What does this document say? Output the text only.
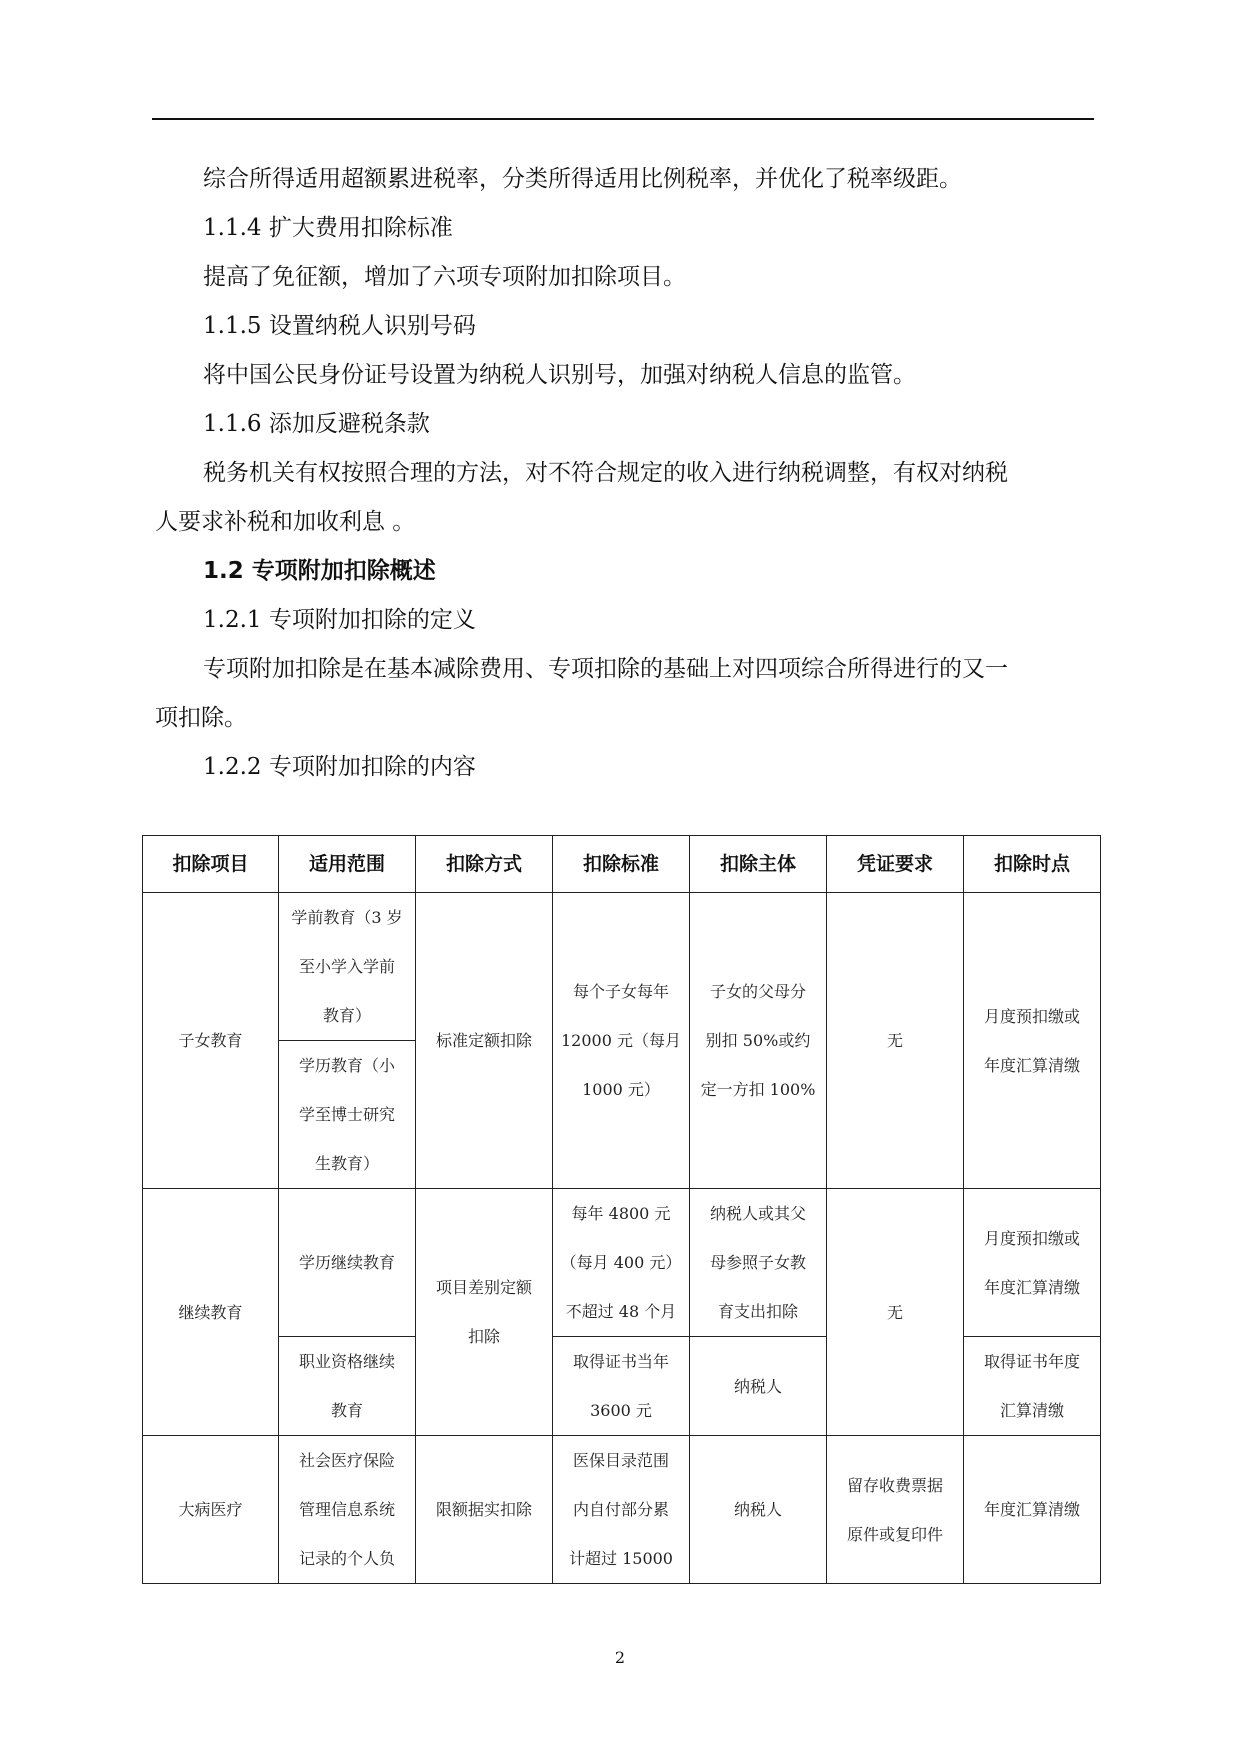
综合所得适用超额累进税率，分类所得适用比例税率，并优化了税率级距。
1.1.4 扩大费用扣除标准
提高了免征额，增加了六项专项附加扣除项目。
1.1.5 设置纳税人识别号码
将中国公民身份证号设置为纳税人识别号，加强对纳税人信息的监管。
1.1.6 添加反避税条款
税务机关有权按照合理的方法，对不符合规定的收入进行纳税调整，有权对纳税
人要求补税和加收利息 。
1.2 专项附加扣除概述
1.2.1 专项附加扣除的定义
专项附加扣除是在基本减除费用、专项扣除的基础上对四项综合所得进行的又一
项扣除。
1.2.2 专项附加扣除的内容
扣除项目	适用范围	扣除方式	扣除标准	扣除主体	凭证要求	扣除时点
子女教育	学前教育（3 岁
至小学入学前
教育）	标准定额扣除	每个子女每年
12000 元（每月
1000 元）	子女的父母分
别扣 50%或约
定一方扣 100%	无	月度预扣缴或
年度汇算清缴
	学历教育（小
学至博士研究
生教育）					
继续教育	学历继续教育	项目差别定额
扣除	每年 4800 元
（每月 400 元）
不超过 48 个月	纳税人或其父
母参照子女教
育支出扣除	无	月度预扣缴或
年度汇算清缴
	职业资格继续
教育		取得证书当年
3600 元	纳税人		取得证书年度
汇算清缴
大病医疗	社会医疗保险
管理信息系统
记录的个人负	限额据实扣除	医保目录范围
内自付部分累
计超过 15000	纳税人	留存收费票据
原件或复印件	年度汇算清缴
2
